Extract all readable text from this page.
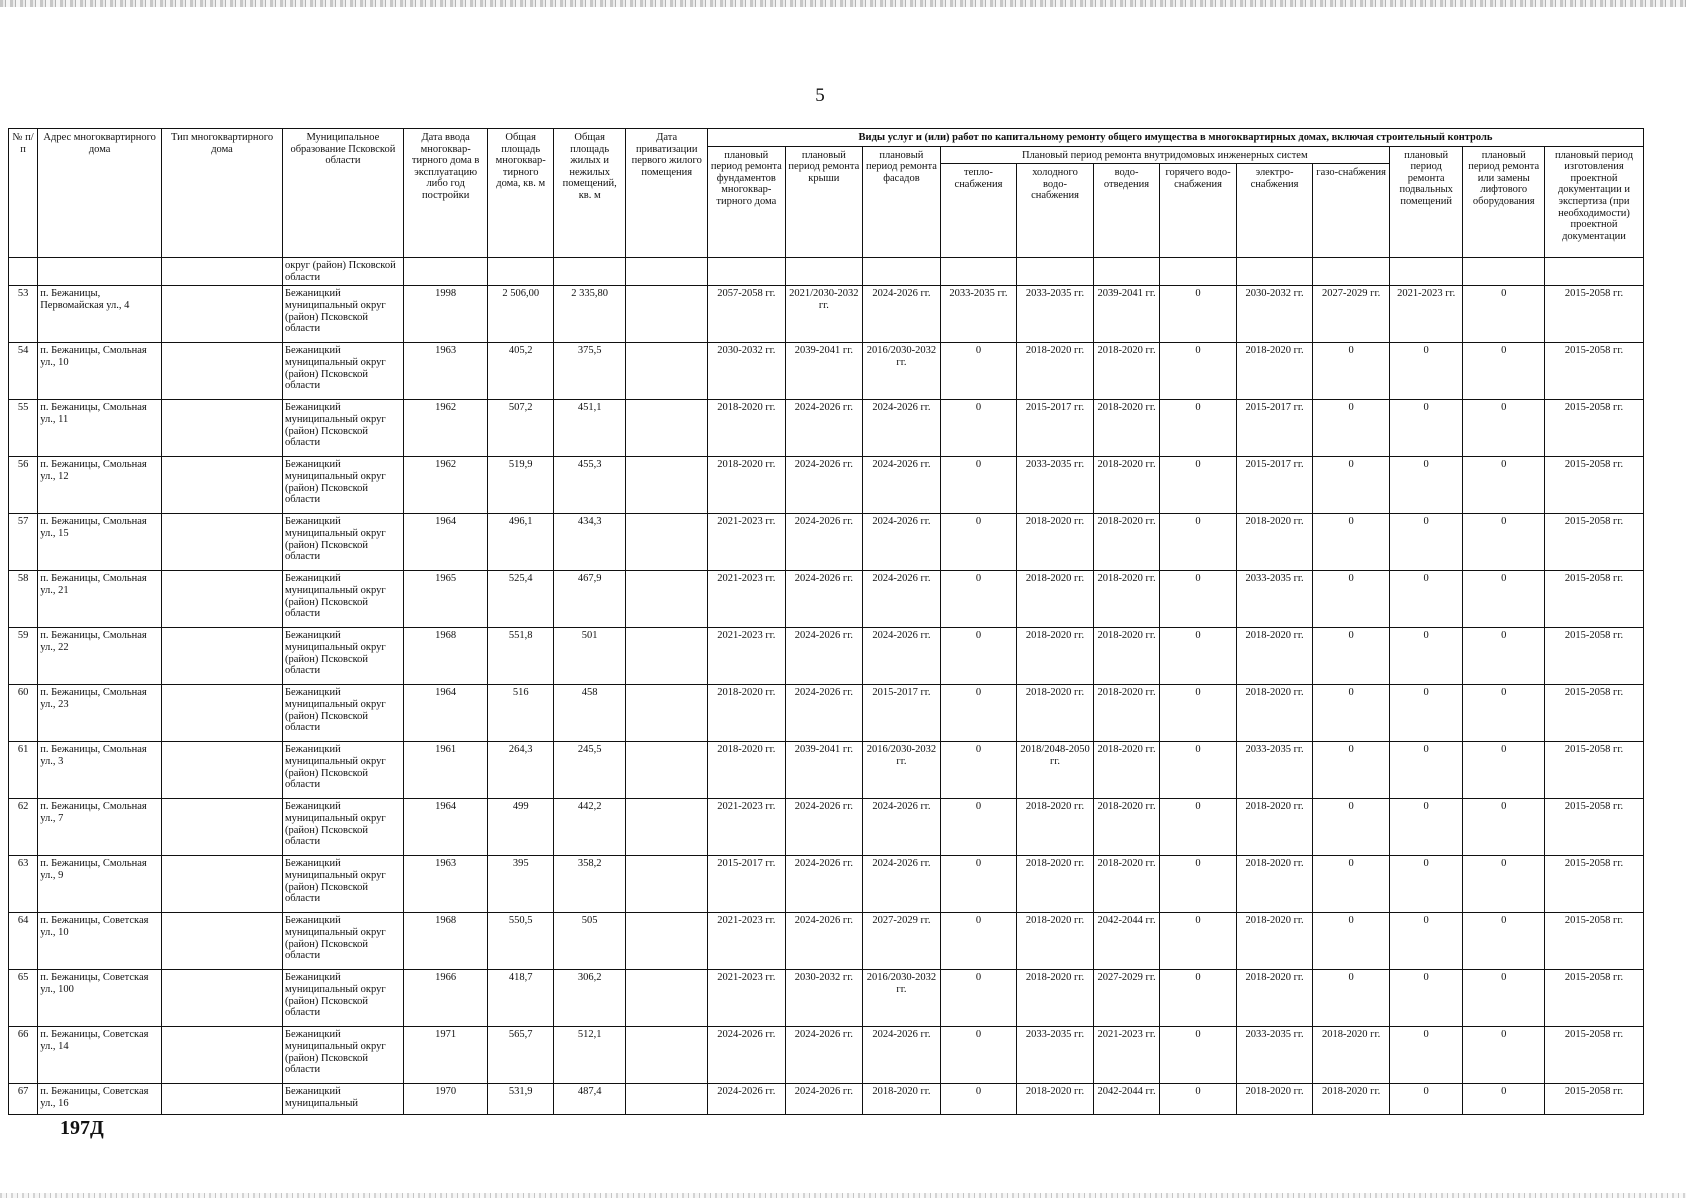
5
№ п/п	Адрес многоквартирного дома	Тип многоквартирного дома	Муниципальное образование Псковской области	Дата ввода многоквар-тирного дома в эксплуатацию либо год постройки	Общая площадь многоквар-тирного дома, кв. м	Общая площадь жилых и нежилых помещений, кв. м	Дата приватизации первого жилого помещения	Виды услуг и (или) работ по капитальному ремонту общего имущества в многоквартирных домах, включая строительный контроль											
								плановый период ремонта фундаментов многоквар-тирного дома	плановый период ремонта крыши	плановый период ремонта фасадов	Плановый период ремонта внутридомовых инженерных систем						плановый период ремонта подвальных помещений	плановый период ремонта или замены лифтового оборудования	плановый период изготовления проектной документации и экспертиза (при необходимости) проектной документации
											тепло-снабжения	холодного водо-снабжения	водо-отведения	горячего водо-снабжения	электро-снабжения	газо-снабжения			
			округ (район) Псковской области																
53	п. Бежаницы, Первомайская ул., 4		Бежаницкий муниципальный округ (район) Псковской области	1998	2 506,00	2 335,80		2057-2058 гг.	2021/2030-2032 гг.	2024-2026 гг.	2033-2035 гг.	2033-2035 гг.	2039-2041 гг.	0	2030-2032 гг.	2027-2029 гг.	2021-2023 гг.	0	2015-2058 гг.
54	п. Бежаницы, Смольная ул., 10		Бежаницкий муниципальный округ (район) Псковской области	1963	405,2	375,5		2030-2032 гг.	2039-2041 гг.	2016/2030-2032 гг.	0	2018-2020 гг.	2018-2020 гг.	0	2018-2020 гг.	0	0	0	2015-2058 гг.
55	п. Бежаницы, Смольная ул., 11		Бежаницкий муниципальный округ (район) Псковской области	1962	507,2	451,1		2018-2020 гг.	2024-2026 гг.	2024-2026 гг.	0	2015-2017 гг.	2018-2020 гг.	0	2015-2017 гг.	0	0	0	2015-2058 гг.
56	п. Бежаницы, Смольная ул., 12		Бежаницкий муниципальный округ (район) Псковской области	1962	519,9	455,3		2018-2020 гг.	2024-2026 гг.	2024-2026 гг.	0	2033-2035 гг.	2018-2020 гг.	0	2015-2017 гг.	0	0	0	2015-2058 гг.
57	п. Бежаницы, Смольная ул., 15		Бежаницкий муниципальный округ (район) Псковской области	1964	496,1	434,3		2021-2023 гг.	2024-2026 гг.	2024-2026 гг.	0	2018-2020 гг.	2018-2020 гг.	0	2018-2020 гг.	0	0	0	2015-2058 гг.
58	п. Бежаницы, Смольная ул., 21		Бежаницкий муниципальный округ (район) Псковской области	1965	525,4	467,9		2021-2023 гг.	2024-2026 гг.	2024-2026 гг.	0	2018-2020 гг.	2018-2020 гг.	0	2033-2035 гг.	0	0	0	2015-2058 гг.
59	п. Бежаницы, Смольная ул., 22		Бежаницкий муниципальный округ (район) Псковской области	1968	551,8	501		2021-2023 гг.	2024-2026 гг.	2024-2026 гг.	0	2018-2020 гг.	2018-2020 гг.	0	2018-2020 гг.	0	0	0	2015-2058 гг.
60	п. Бежаницы, Смольная ул., 23		Бежаницкий муниципальный округ (район) Псковской области	1964	516	458		2018-2020 гг.	2024-2026 гг.	2015-2017 гг.	0	2018-2020 гг.	2018-2020 гг.	0	2018-2020 гг.	0	0	0	2015-2058 гг.
61	п. Бежаницы, Смольная ул., 3		Бежаницкий муниципальный округ (район) Псковской области	1961	264,3	245,5		2018-2020 гг.	2039-2041 гг.	2016/2030-2032 гг.	0	2018/2048-2050 гг.	2018-2020 гг.	0	2033-2035 гг.	0	0	0	2015-2058 гг.
62	п. Бежаницы, Смольная ул., 7		Бежаницкий муниципальный округ (район) Псковской области	1964	499	442,2		2021-2023 гг.	2024-2026 гг.	2024-2026 гг.	0	2018-2020 гг.	2018-2020 гг.	0	2018-2020 гг.	0	0	0	2015-2058 гг.
63	п. Бежаницы, Смольная ул., 9		Бежаницкий муниципальный округ (район) Псковской области	1963	395	358,2		2015-2017 гг.	2024-2026 гг.	2024-2026 гг.	0	2018-2020 гг.	2018-2020 гг.	0	2018-2020 гг.	0	0	0	2015-2058 гг.
64	п. Бежаницы, Советская ул., 10		Бежаницкий муниципальный округ (район) Псковской области	1968	550,5	505		2021-2023 гг.	2024-2026 гг.	2027-2029 гг.	0	2018-2020 гг.	2042-2044 гг.	0	2018-2020 гг.	0	0	0	2015-2058 гг.
65	п. Бежаницы, Советская ул., 100		Бежаницкий муниципальный округ (район) Псковской области	1966	418,7	306,2		2021-2023 гг.	2030-2032 гг.	2016/2030-2032 гг.	0	2018-2020 гг.	2027-2029 гг.	0	2018-2020 гг.	0	0	0	2015-2058 гг.
66	п. Бежаницы, Советская ул., 14		Бежаницкий муниципальный округ (район) Псковской области	1971	565,7	512,1		2024-2026 гг.	2024-2026 гг.	2024-2026 гг.	0	2033-2035 гг.	2021-2023 гг.	0	2033-2035 гг.	2018-2020 гг.	0	0	2015-2058 гг.
67	п. Бежаницы, Советская ул., 16		Бежаницкий муниципальный	1970	531,9	487,4		2024-2026 гг.	2024-2026 гг.	2018-2020 гг.	0	2018-2020 гг.	2042-2044 гг.	0	2018-2020 гг.	2018-2020 гг.	0	0	2015-2058 гг.
197Д
